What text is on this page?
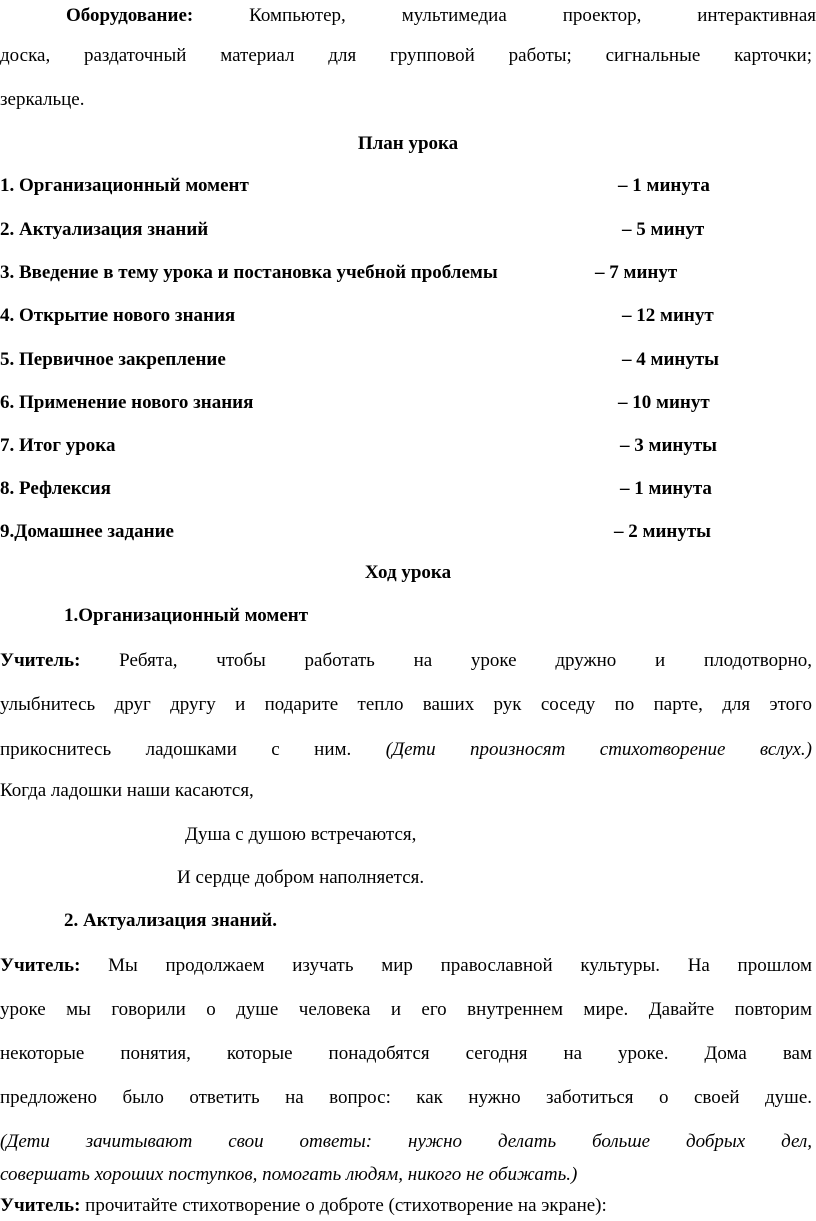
Оборудование:	Компьютер, мультимедиа проектор, интерактивная
доска, раздаточный материал для групповой работы; сигнальные карточки;
зеркальце.
План урока
1. Организационный момент	– 1 минута
2. Актуализация знаний	– 5 минут
3. Введение в тему урока и постановка учебной проблемы	– 7 минут
4. Открытие нового знания	– 12 минут
5. Первичное закрепление	– 4 минуты
6. Применение нового знания	– 10 минут
7. Итог урока	– 3 минуты
8. Рефлексия	– 1 минута
9.Домашнее задание	– 2 минуты
Ход урока
1.Организационный момент
Учитель: Ребята, чтобы работать на уроке дружно и плодотворно,
улыбнитесь друг другу и подарите тепло ваших рук соседу по парте, для этого
прикоснитесь ладошками с ним. (Дети произносят стихотворение вслух.)
Когда ладошки наши касаются,
Душа с душою встречаются,
И сердце добром наполняется.
2. Актуализация знаний.
Учитель: Мы продолжаем изучать мир православной культуры. На прошлом
уроке мы говорили о душе человека и его внутреннем мире. Давайте повторим
некоторые понятия, которые понадобятся сегодня на уроке. Дома вам
предложено было ответить на вопрос: как нужно заботиться о своей душе.
(Дети зачитывают свои ответы: нужно делать больше добрых дел,
совершать хороших поступков, помогать людям, никого не обижать.)
Учитель: прочитайте стихотворение о доброте (стихотворение на экране):
